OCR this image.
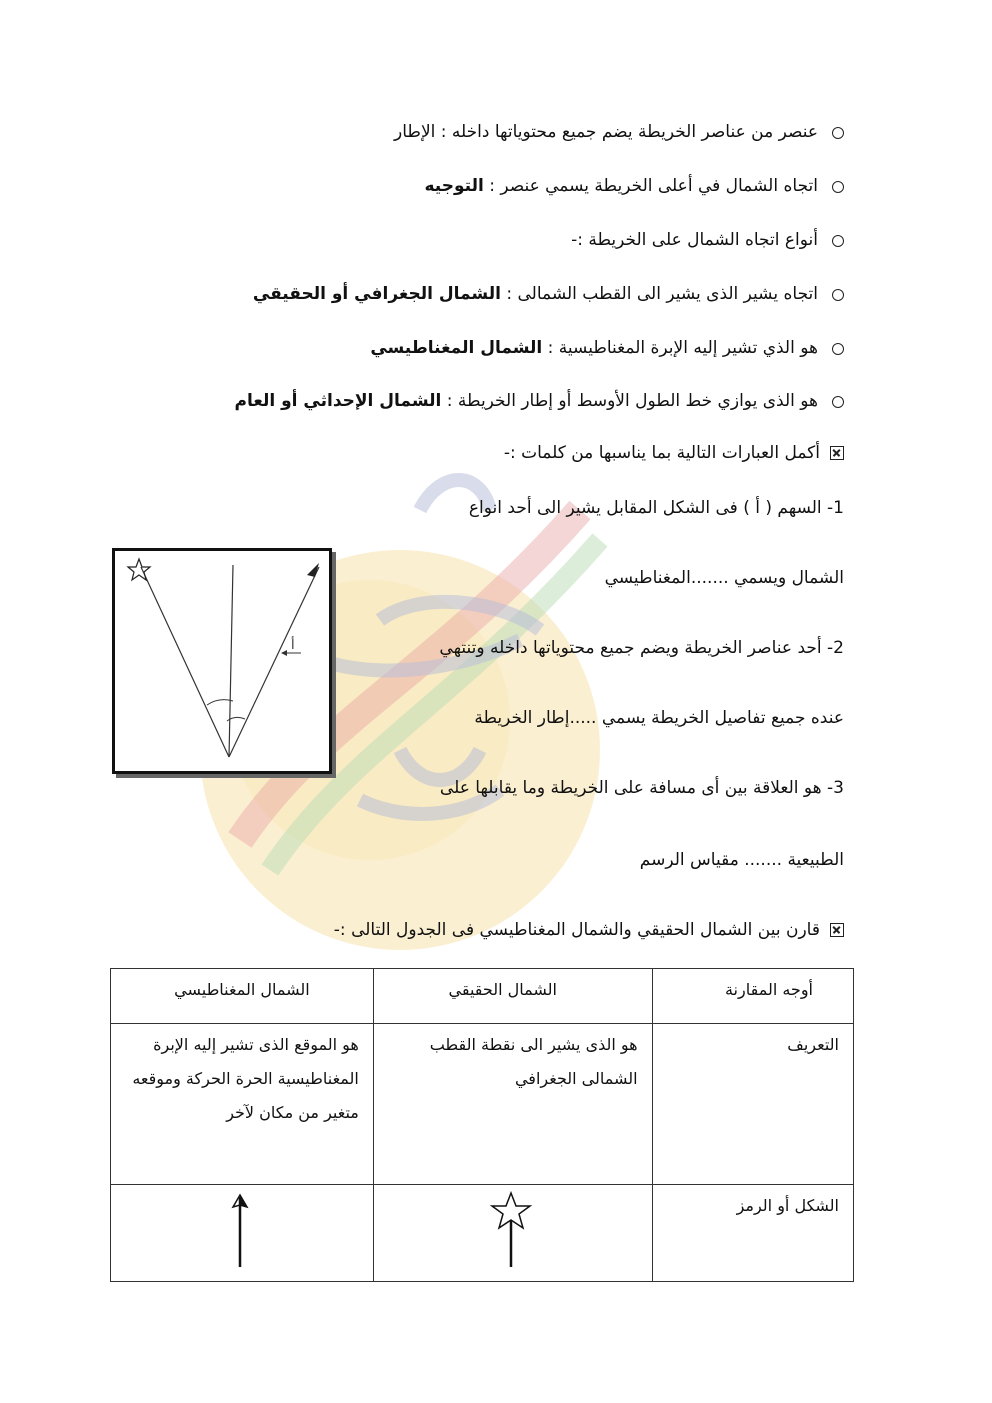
عنصر من عناصر الخريطة يضم جميع محتوياتها داخله : الإطار
اتجاه الشمال في أعلى الخريطة يسمي عنصر : التوجيه
أنواع اتجاه الشمال على الخريطة :-
اتجاه يشير الذى يشير الى القطب الشمالى : الشمال الجغرافي أو الحقيقي
هو الذي تشير إليه الإبرة المغناطيسية : الشمال المغناطيسي
هو الذى يوازي خط الطول الأوسط أو إطار الخريطة : الشمال الإحداثي أو العام
أكمل العبارات التالية بما يناسبها من كلمات :-
1- السهم ( أ ) فى الشكل المقابل يشير الى أحد انواع
الشمال ويسمي .......المغناطيسي
2- أحد عناصر الخريطة ويضم جميع محتوياتها داخله وتنتهي
عنده جميع تفاصيل الخريطة يسمي .....إطار الخريطة
3- هو العلاقة بين أى مسافة على الخريطة وما يقابلها على
الطبيعية ....... مقياس الرسم
أ
قارن بين الشمال الحقيقي والشمال المغناطيسي فى الجدول التالى :-
أوجه المقارنة	الشمال الحقيقي	الشمال المغناطيسي
التعريف	هو الذى يشير الى نقطة القطب الشمالى الجغرافي	هو الموقع الذى تشير إليه الإبرة المغناطيسية الحرة الحركة وموقعه متغير من مكان لآخر
الشكل أو الرمز	
